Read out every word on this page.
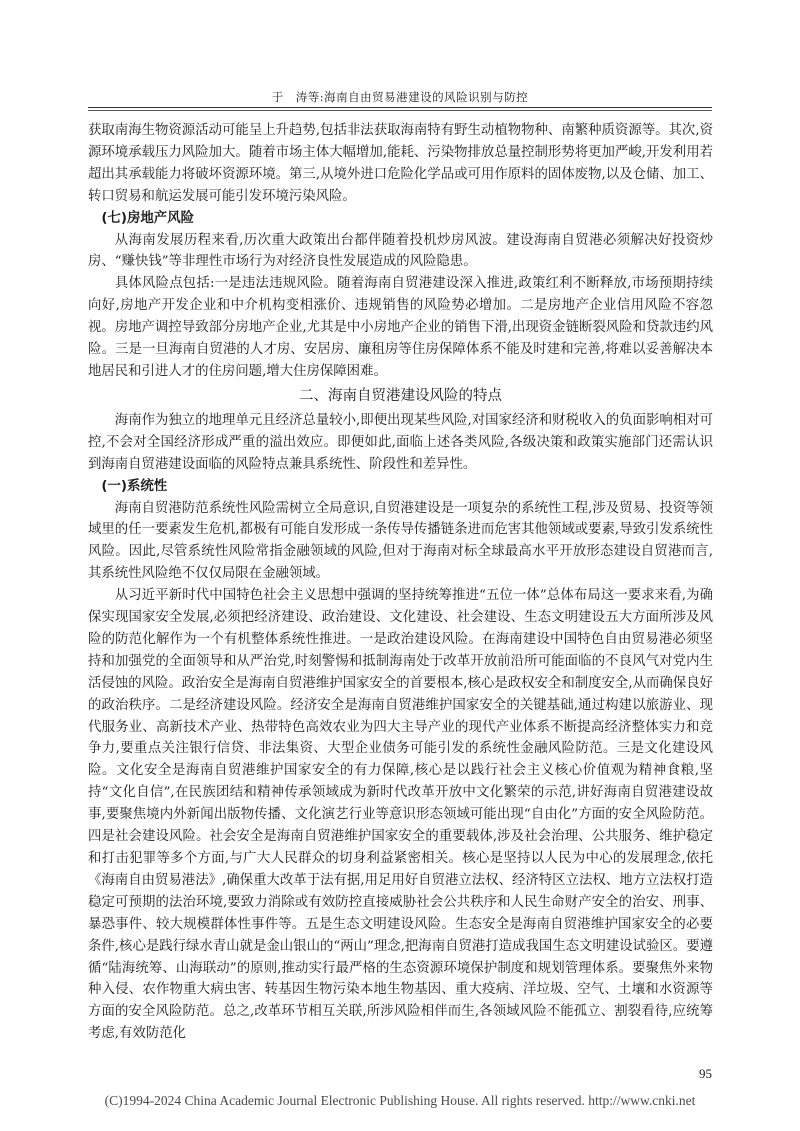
于　涛等:海南自由贸易港建设的风险识别与防控

获取南海生物资源活动可能呈上升趋势,包括非法获取海南特有野生动植物物种、南繁种质资源等。其次,资源环境承载压力风险加大。随着市场主体大幅增加,能耗、污染物排放总量控制形势将更加严峻,开发利用若超出其承载能力将破坏资源环境。第三,从境外进口危险化学品或可用作原料的固体废物,以及仓储、加工、转口贸易和航运发展可能引发环境污染风险。

(七)房地产风险

从海南发展历程来看,历次重大政策出台都伴随着投机炒房风波。建设海南自贸港必须解决好投资炒房、“赚快钱”等非理性市场行为对经济良性发展造成的风险隐患。

具体风险点包括:一是违法违规风险。随着海南自贸港建设深入推进,政策红利不断释放,市场预期持续向好,房地产开发企业和中介机构变相涨价、违规销售的风险势必增加。二是房地产企业信用风险不容忽视。房地产调控导致部分房地产企业,尤其是中小房地产企业的销售下滑,出现资金链断裂风险和贷款违约风险。三是一旦海南自贸港的人才房、安居房、廉租房等住房保障体系不能及时建和完善,将难以妥善解决本地居民和引进人才的住房问题,增大住房保障困难。

二、海南自贸港建设风险的特点

海南作为独立的地理单元且经济总量较小,即便出现某些风险,对国家经济和财税收入的负面影响相对可控,不会对全国经济形成严重的溢出效应。即便如此,面临上述各类风险,各级决策和政策实施部门还需认识到海南自贸港建设面临的风险特点兼具系统性、阶段性和差异性。

(一)系统性

海南自贸港防范系统性风险需树立全局意识,自贸港建设是一项复杂的系统性工程,涉及贸易、投资等领域里的任一要素发生危机,都极有可能自发形成一条传导传播链条进而危害其他领域或要素,导致引发系统性风险。因此,尽管系统性风险常指金融领域的风险,但对于海南对标全球最高水平开放形态建设自贸港而言,其系统性风险绝不仅仅局限在金融领域。

从习近平新时代中国特色社会主义思想中强调的坚持统筹推进“五位一体”总体布局这一要求来看,为确保实现国家安全发展,必须把经济建设、政治建设、文化建设、社会建设、生态文明建设五大方面所涉及风险的防范化解作为一个有机整体系统性推进。一是政治建设风险。在海南建设中国特色自由贸易港必须坚持和加强党的全面领导和从严治党,时刻警惕和抵制海南处于改革开放前沿所可能面临的不良风气对党内生活侵蚀的风险。政治安全是海南自贸港维护国家安全的首要根本,核心是政权安全和制度安全,从而确保良好的政治秩序。二是经济建设风险。经济安全是海南自贸港维护国家安全的关键基础,通过构建以旅游业、现代服务业、高新技术产业、热带特色高效农业为四大主导产业的现代产业体系不断提高经济整体实力和竞争力,要重点关注银行信贷、非法集资、大型企业债务可能引发的系统性金融风险防范。三是文化建设风险。文化安全是海南自贸港维护国家安全的有力保障,核心是以践行社会主义核心价值观为精神食粮,坚持“文化自信”,在民族团结和精神传承领域成为新时代改革开放中文化繁荣的示范,讲好海南自贸港建设故事,要聚焦境内外新闻出版物传播、文化演艺行业等意识形态领域可能出现“自由化”方面的安全风险防范。四是社会建设风险。社会安全是海南自贸港维护国家安全的重要载体,涉及社会治理、公共服务、维护稳定和打击犯罪等多个方面,与广大人民群众的切身利益紧密相关。核心是坚持以人民为中心的发展理念,依托《海南自由贸易港法》,确保重大改革于法有据,用足用好自贸港立法权、经济特区立法权、地方立法权打造稳定可预期的法治环境,要致力消除或有效防控直接威胁社会公共秩序和人民生命财产安全的治安、刑事、暴恐事件、较大规模群体性事件等。五是生态文明建设风险。生态安全是海南自贸港维护国家安全的必要条件,核心是践行绿水青山就是金山银山的“两山”理念,把海南自贸港打造成我国生态文明建设试验区。要遵循“陆海统筹、山海联动”的原则,推动实行最严格的生态资源环境保护制度和规划管理体系。要聚焦外来物种入侵、农作物重大病虫害、转基因生物污染本地生物基因、重大疫病、洋垃圾、空气、土壤和水资源等方面的安全风险防范。总之,改革环节相互关联,所涉风险相伴而生,各领域风险不能孤立、割裂看待,应统筹考虑,有效防范化

95
(C)1994-2024 China Academic Journal Electronic Publishing House. All rights reserved. http://www.cnki.net
